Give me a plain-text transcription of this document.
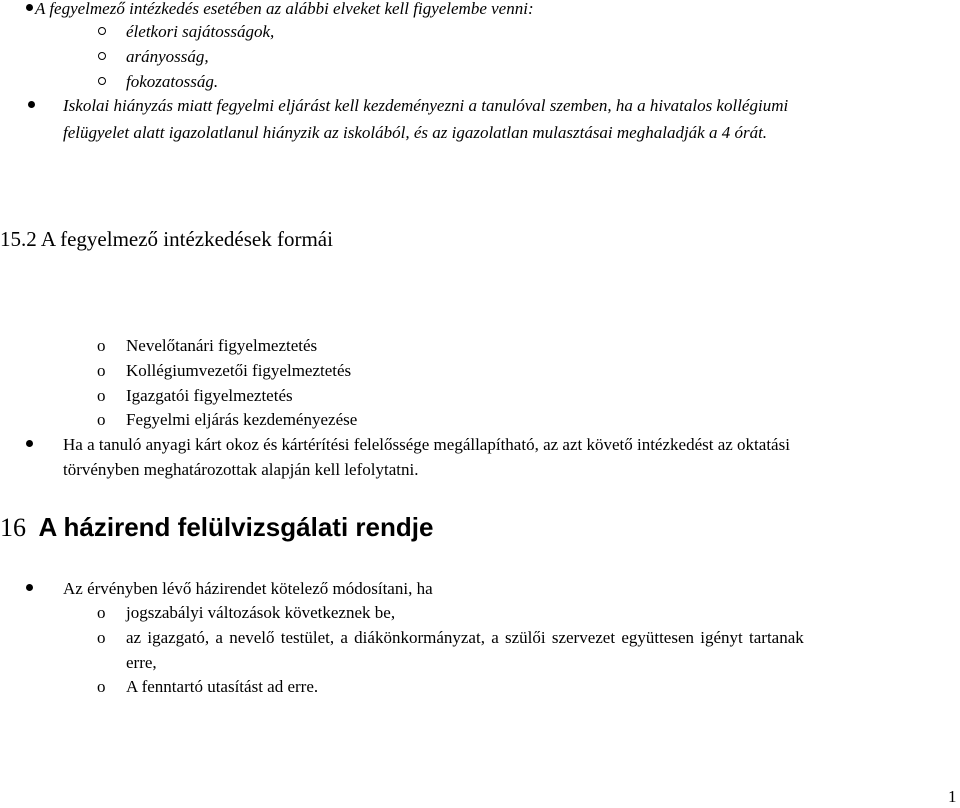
A fegyelmező intézkedés esetében az alábbi elveket kell figyelembe venni:
életkori sajátosságok,
arányosság,
fokozatosság.
Iskolai hiányzás miatt fegyelmi eljárást kell kezdeményezni a tanulóval szemben, ha a hivatalos kollégiumi
felügyelet alatt igazolatlanul hiányzik az iskolából, és az igazolatlan mulasztásai meghaladják a 4 órát.
15.2 A fegyelmező intézkedések formái
o Nevelőtanári figyelmeztetés
o Kollégiumvezetői figyelmeztetés
o Igazgatói figyelmeztetés
o Fegyelmi eljárás kezdeményezése
Ha a tanuló anyagi kárt okoz és kártérítési felelőssége megállapítható, az azt követő intézkedést az oktatási
törvényben meghatározottak alapján kell lefolytatni.
16 A házirend felülvizsgálati rendje
Az érvényben lévő házirendet kötelező módosítani, ha
o jogszabályi változások következnek be,
o az igazgató, a nevelő testület, a diákönkormányzat, a szülői szervezet együttesen igényt tartanak
erre,
o A fenntartó utasítást ad erre.
1
